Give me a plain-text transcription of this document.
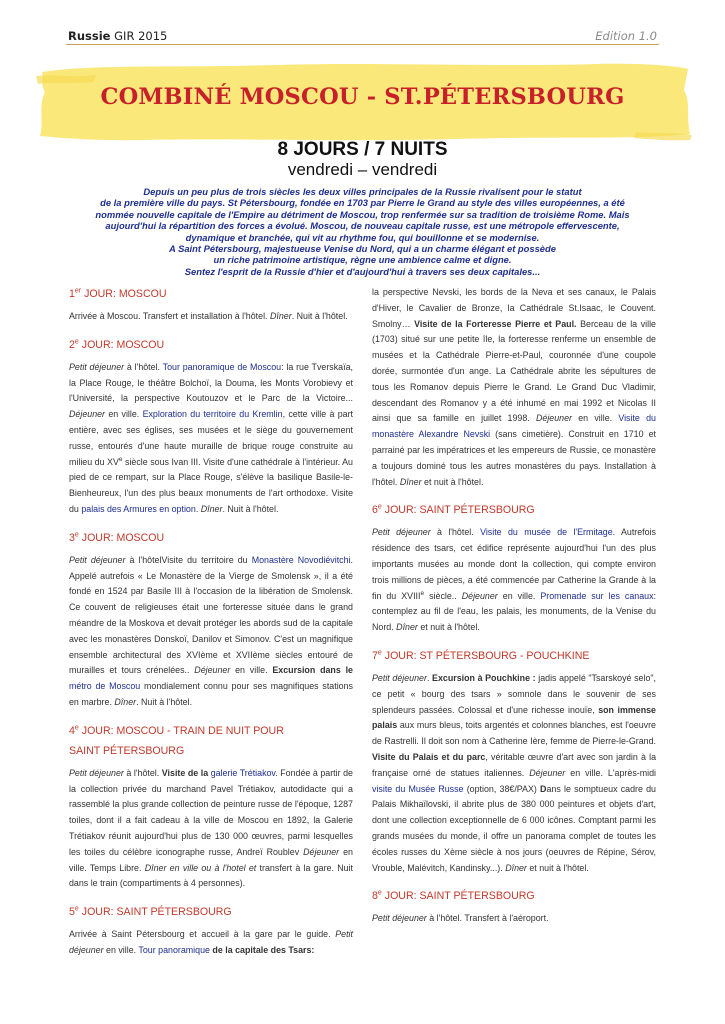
Russie GIR 2015	Edition 1.0
COMBINÉ MOSCOU - ST.PÉTERSBOURG
8 JOURS / 7 NUITS
vendredi – vendredi
Depuis un peu plus de trois siècles les deux villes principales de la Russie rivalisent pour le statut
de la première ville du pays. St Pétersbourg, fondée en 1703 par Pierre le Grand au style des villes européennes, a été
nommée nouvelle capitale de l'Empire au détriment de Moscou, trop renfermée sur sa tradition de troisième Rome. Mais
aujourd'hui la répartition des forces a évolué. Moscou, de nouveau capitale russe, est une métropole effervescente,
dynamique et branchée, qui vit au rhythme fou, qui bouillonne et se modernise.
A Saint Pétersbourg, majestueuse Venise du Nord, qui a un charme élégant et possède
un riche patrimoine artistique, règne une ambience calme et digne.
Sentez l'esprit de la Russie d'hier et d'aujourd'hui à travers ses deux capitales...
1er JOUR: MOSCOU

Arrivée à Moscou. Transfert et installation à l'hôtel. Dîner. Nuit à l'hôtel.

2e JOUR: MOSCOU

Petit déjeuner à l'hôtel. Tour panoramique de Moscou: la rue Tverskaïa, la Place Rouge, le théâtre Bolchoï, la Douma, les Monts Vorobievy et l'Université, la perspective Koutouzov et le Parc de la Victoire... Déjeuner en ville. Exploration du territoire du Kremlin, cette ville à part entière, avec ses églises, ses musées et le siège du gouvernement russe, entourés d'une haute muraille de brique rouge construite au milieu du XVe siècle sous Ivan III. Visite d'une cathédrale à l'intérieur. Au pied de ce rempart, sur la Place Rouge, s'élève la basilique Basile-le-Bienheureux, l'un des plus beaux monuments de l'art orthodoxe. Visite du palais des Armures en option. Dîner. Nuit à l'hôtel.

3e JOUR: MOSCOU

Petit déjeuner à l'hôtelVisite du territoire du Monastère Novodiévitchi. Appelé autrefois « Le Monastère de la Vierge de Smolensk », il a été fondé en 1524 par Basile III à l'occasion de la libération de Smolensk. Ce couvent de religieuses était une forteresse située dans le grand méandre de la Moskova et devait protéger les abords sud de la capitale avec les monastères Donskoï, Danilov et Simonov. C'est un magnifique ensemble architectural des XVIème et XVIIème siècles entouré de murailles et tours crénelées.. Déjeuner en ville. Excursion dans le métro de Moscou mondialement connu pour ses magnifiques stations en marbre. Dîner. Nuit à l'hôtel.

4e JOUR: MOSCOU - TRAIN DE NUIT POUR
SAINT PÉTERSBOURG

Petit déjeuner à l'hôtel. Visite de la galerie Trétiakov. Fondée à partir de la collection privée du marchand Pavel Trétiakov, autodidacte qui a rassemblé la plus grande collection de peinture russe de l'époque, 1287 toiles, dont il a fait cadeau à la ville de Moscou en 1892, la Galerie Trétiakov réunit aujourd'hui plus de 130 000 œuvres, parmi lesquelles les toiles du célèbre iconographe russe, Andreï Roublev Déjeuner en ville. Temps Libre. Dîner en ville ou à l'hotel et transfert à la gare. Nuit dans le train (compartiments à 4 personnes).

5e JOUR: SAINT PÉTERSBOURG

Arrivée à Saint Pétersbourg et accueil à la gare par le guide. Petit déjeuner en ville. Tour panoramique de la capitale des Tsars:

la perspective Nevski, les bords de la Neva et ses canaux, le Palais d'Hiver, le Cavalier de Bronze, la Cathédrale St.Isaac, le Couvent. Smolny… Visite de la Forteresse Pierre et Paul. Berceau de la ville (1703) situé sur une petite île, la forteresse renferme un ensemble de musées et la Cathédrale Pierre-et-Paul, couronnée d'une coupole dorée, surmontée d'un ange. La Cathédrale abrite les sépultures de tous les Romanov depuis Pierre le Grand. Le Grand Duc Vladimir, descendant des Romanov y a été inhumé en mai 1992 et Nicolas II ainsi que sa famille en juillet 1998. Déjeuner en ville. Visite du monastère Alexandre Nevski (sans cimetière). Construit en 1710 et parrainé par les impératrices et les empereurs de Russie, ce monastère a toujours dominé tous les autres monastères du pays. Installation à l'hôtel. Dîner et nuit à l'hôtel.

6e JOUR: SAINT PÉTERSBOURG

Petit déjeuner à l'hôtel. Visite du musée de l'Ermitage. Autrefois résidence des tsars, cet édifice représente aujourd'hui l'un des plus importants musées au monde dont la collection, qui compte environ trois millions de pièces, a été commencée par Catherine la Grande à la fin du XVIIIe siècle.. Déjeuner en ville. Promenade sur les canaux: contemplez au fil de l'eau, les palais, les monuments, de la Venise du Nord. Dîner et nuit à l'hôtel.

7e JOUR: ST PÉTERSBOURG - POUCHKINE

Petit déjeuner. Excursion à Pouchkine : jadis appelé "Tsarskoyé selo", ce petit « bourg des tsars » somnole dans le souvenir de ses splendeurs passées. Colossal et d'une richesse inouïe, son immense palais aux murs bleus, toits argentés et colonnes blanches, est l'oeuvre de Rastrelli. Il doit son nom à Catherine Ière, femme de Pierre-le-Grand. Visite du Palais et du parc, véritable œuvre d'art avec son jardin à la française orné de statues italiennes. Déjeuner en ville. L'après-midi visite du Musée Russe (option, 38€/PAX) Dans le somptueux cadre du Palais Mikhaïlovski, il abrite plus de 380 000 peintures et objets d'art, dont une collection exceptionnelle de 6 000 icônes. Comptant parmi les grands musées du monde, il offre un panorama complet de toutes les écoles russes du Xème siècle à nos jours (oeuvres de Répine, Sérov, Vrouble, Malévitch, Kandinsky...). Dîner et nuit à l'hôtel.

8e JOUR: SAINT PÉTERSBOURG

Petit déjeuner à l'hôtel. Transfert à l'aéroport.
